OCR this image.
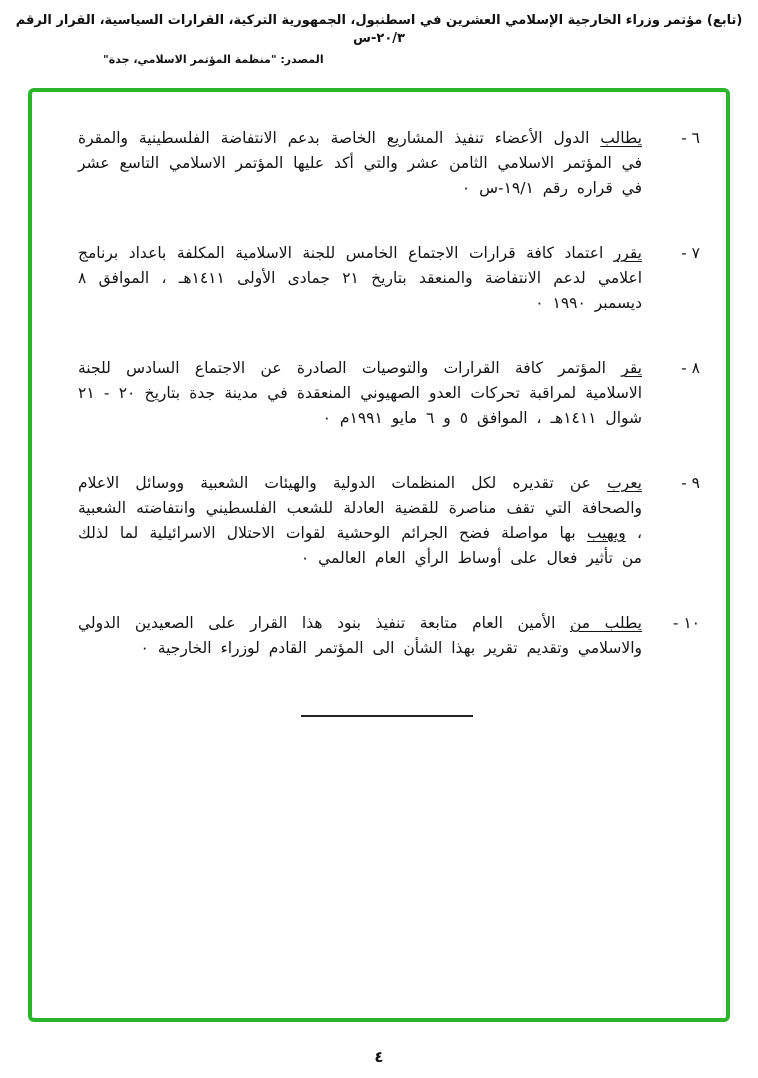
(تابع) مؤتمر وزراء الخارجية الإسلامي العشرين في اسطنبول، الجمهورية التركية، القرارات السياسية، القرار الرقم ٢٠/٣-س
المصدر: "منظمة المؤتمر الاسلامي، جدة"
٦ -
يطالب الدول الأعضاء تنفيذ المشاريع الخاصة بدعم الانتفاضة الفلسطينية والمقرة في المؤتمر الاسلامي الثامن عشر والتي أكد عليها المؤتمر الاسلامي التاسع عشر في قراره رقم ١٩/١-س ٠
٧ -
يقرر اعتماد كافة قرارات الاجتماع الخامس للجنة الاسلامية المكلفة باعداد برنامج اعلامي لدعم الانتفاضة والمنعقد بتاريخ ٢١ جمادى الأولى ١٤١١هـ ، الموافق ٨ ديسمبر ١٩٩٠ ٠
٨ -
يقر المؤتمر كافة القرارات والتوصيات الصادرة عن الاجتماع السادس للجنة الاسلامية لمراقبة تحركات العدو الصهيوني المنعقدة في مدينة جدة بتاريخ ٢٠ - ٢١ شوال ١٤١١هـ ، الموافق ٥ و ٦ مايو ١٩٩١م ٠
٩ -
يعرب عن تقديره لكل المنظمات الدولية والهيئات الشعبية ووسائل الاعلام والصحافة التي تقف مناصرة للقضية العادلة للشعب الفلسطيني وانتفاضته الشعبية ، ويهيب بها مواصلة فضح الجرائم الوحشية لقوات الاحتلال الاسرائيلية لما لذلك من تأثير فعال على أوساط الرأي العام العالمي ٠
١٠ -
يطلب من الأمين العام متابعة تنفيذ بنود هذا القرار على الصعيدين الدولي والاسلامي وتقديم تقرير بهذا الشأن الى المؤتمر القادم لوزراء الخارجية ٠
٤
